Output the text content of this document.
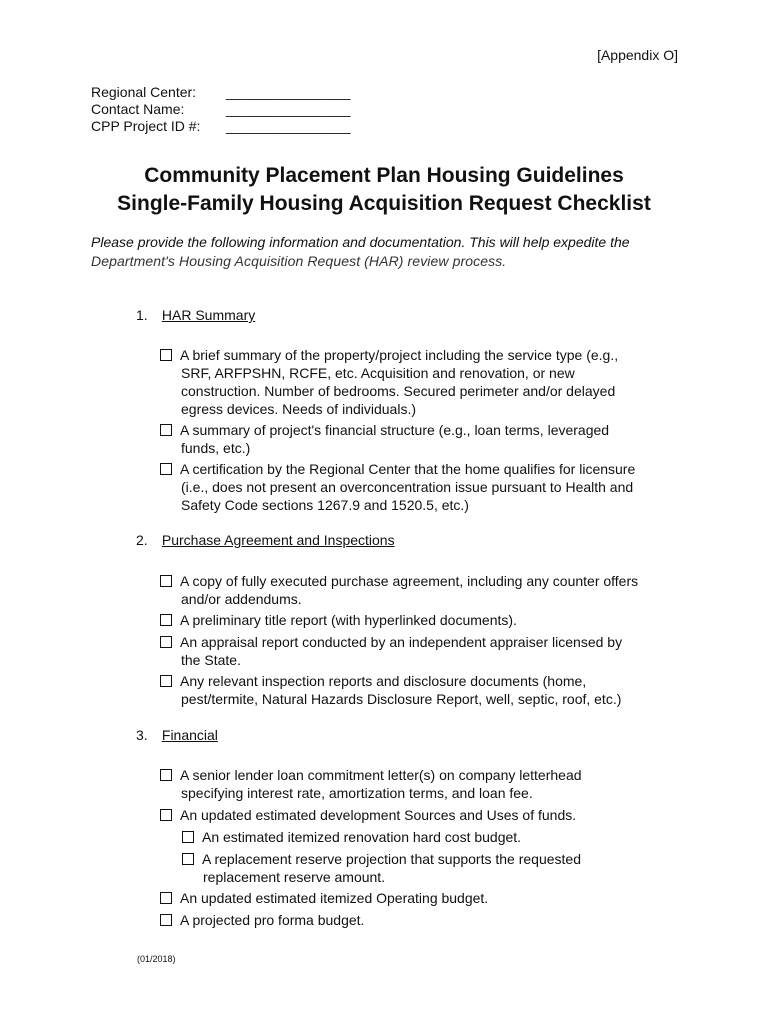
[Appendix O]
Regional Center:	________________
Contact Name:	________________
CPP Project ID #:	________________
Community Placement Plan Housing Guidelines
Single-Family Housing Acquisition Request Checklist
Please provide the following information and documentation. This will help expedite the
Department's Housing Acquisition Request (HAR) review process.
1. HAR Summary
A brief summary of the property/project including the service type (e.g.,
SRF, ARFPSHN, RCFE, etc. Acquisition and renovation, or new
construction. Number of bedrooms. Secured perimeter and/or delayed
egress devices. Needs of individuals.)
A summary of project's financial structure (e.g., loan terms, leveraged
funds, etc.)
A certification by the Regional Center that the home qualifies for licensure
(i.e., does not present an overconcentration issue pursuant to Health and
Safety Code sections 1267.9 and 1520.5, etc.)
2. Purchase Agreement and Inspections
A copy of fully executed purchase agreement, including any counter offers
and/or addendums.
A preliminary title report (with hyperlinked documents).
An appraisal report conducted by an independent appraiser licensed by
the State.
Any relevant inspection reports and disclosure documents (home,
pest/termite, Natural Hazards Disclosure Report, well, septic, roof, etc.)
3. Financial
A senior lender loan commitment letter(s) on company letterhead
specifying interest rate, amortization terms, and loan fee.
An updated estimated development Sources and Uses of funds.
An estimated itemized renovation hard cost budget.
A replacement reserve projection that supports the requested
replacement reserve amount.
An updated estimated itemized Operating budget.
A projected pro forma budget.
(01/2018)
